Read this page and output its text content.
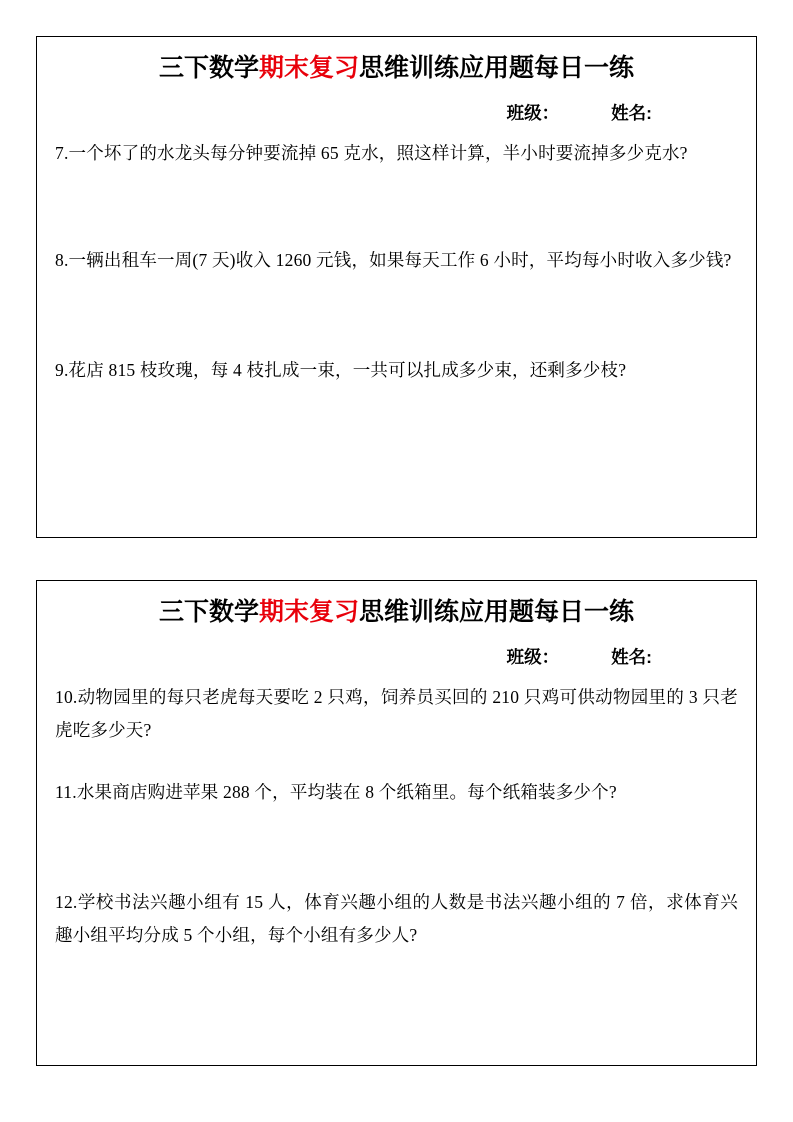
三下数学期末复习思维训练应用题每日一练
班级：	姓名:
7.一个坏了的水龙头每分钟要流掉 65 克水，照这样计算，半小时要流掉多少克水?
8.一辆出租车一周(7 天)收入 1260 元钱，如果每天工作 6 小时，平均每小时收入多少钱?
9.花店 815 枝玫瑰，每 4 枝扎成一束，一共可以扎成多少束，还剩多少枝?
三下数学期末复习思维训练应用题每日一练
班级：	姓名:
10.动物园里的每只老虎每天要吃 2 只鸡，饲养员买回的 210 只鸡可供动物园里的 3 只老虎吃多少天?
11.水果商店购进苹果 288 个，平均装在 8 个纸箱里。每个纸箱装多少个?
12.学校书法兴趣小组有 15 人，体育兴趣小组的人数是书法兴趣小组的 7 倍，求体育兴趣小组平均分成 5 个小组，每个小组有多少人?
